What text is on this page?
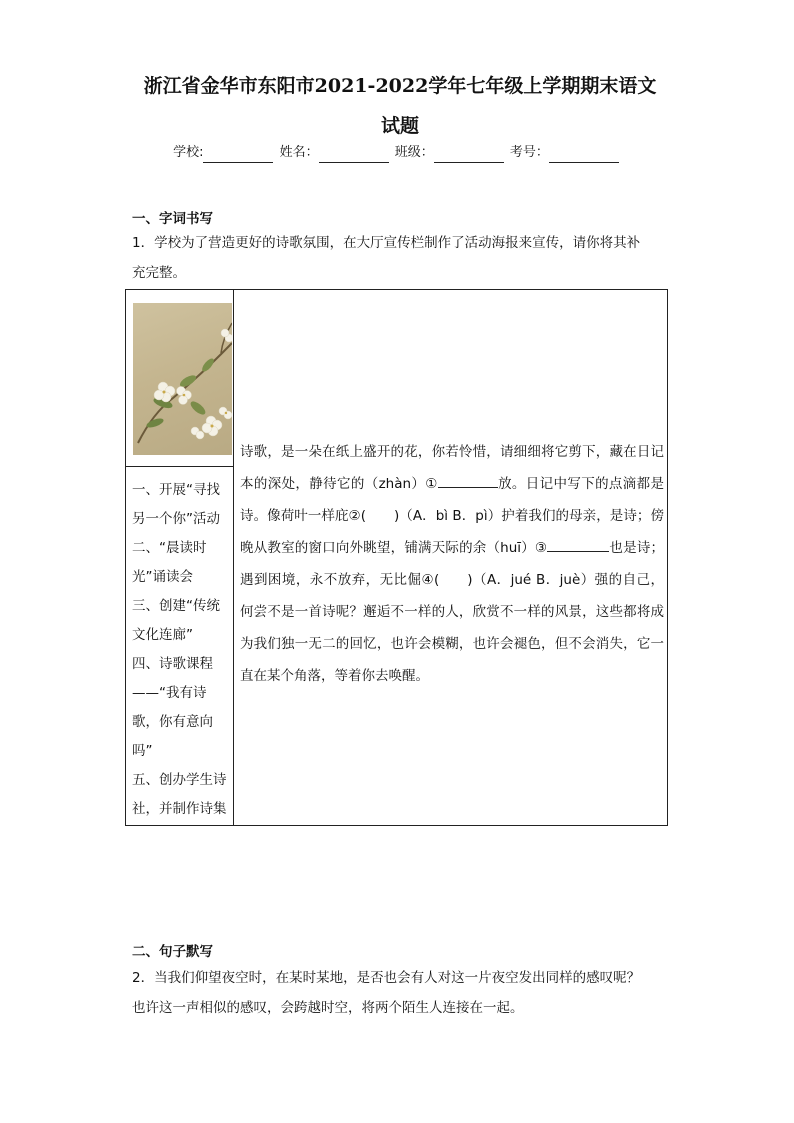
浙江省金华市东阳市2021-2022学年七年级上学期期末语文
试题
学校:	姓名：	班级：	考号：
一、字词书写
1．学校为了营造更好的诗歌氛围，在大厅宣传栏制作了活动海报来宣传，请你将其补
充完整。
一、开展“寻找另一个你”活动
二、“晨读时光”诵读会
三、创建“传统文化连廊”
四、诗歌课程——“我有诗歌，你有意向吗”
五、创办学生诗社，并制作诗集
诗歌，是一朵在纸上盛开的花，你若怜惜，请细细将它剪下，藏在日记本的深处，静待它的（zhàn）①	放。日记中写下的点滴都是诗。像荷叶一样庇②( )（A．bì B．pì）护着我们的母亲，是诗；傍晚从教室的窗口向外眺望，铺满天际的余（huī）③	也是诗；遇到困境，永不放弃，无比倔④( )（A．jué B．juè）强的自己，何尝不是一首诗呢？邂逅不一样的人，欣赏不一样的风景，这些都将成为我们独一无二的回忆，也许会模糊，也许会褪色，但不会消失，它一直在某个角落，等着你去唤醒。
二、句子默写
2．当我们仰望夜空时，在某时某地，是否也会有人对这一片夜空发出同样的感叹呢？
也许这一声相似的感叹，会跨越时空，将两个陌生人连接在一起。
